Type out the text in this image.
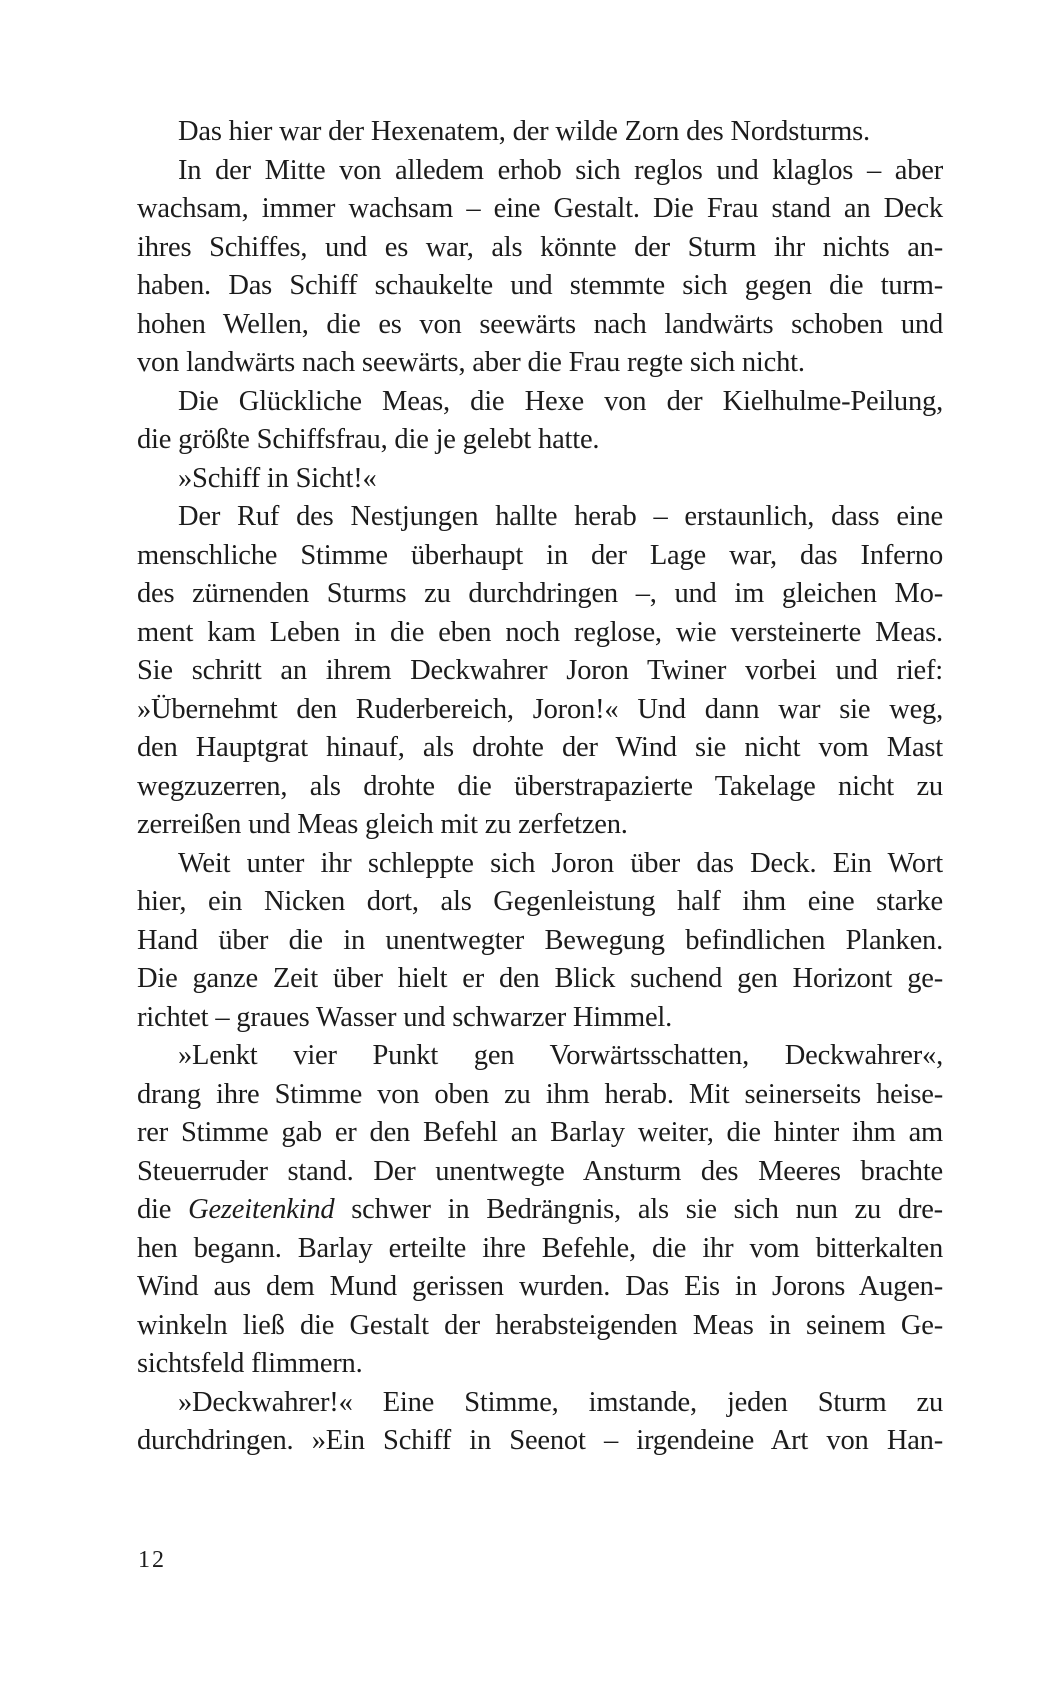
Das hier war der Hexenatem, der wilde Zorn des Nordsturms.
In der Mitte von alledem erhob sich reglos und klaglos – aber
wachsam, immer wachsam – eine Gestalt. Die Frau stand an Deck
ihres Schiffes, und es war, als könnte der Sturm ihr nichts an-
haben. Das Schiff schaukelte und stemmte sich gegen die turm-
hohen Wellen, die es von seewärts nach landwärts schoben und
von landwärts nach seewärts, aber die Frau regte sich nicht.
Die Glückliche Meas, die Hexe von der Kielhulme-Peilung,
die größte Schiffsfrau, die je gelebt hatte.
»Schiff in Sicht!«
Der Ruf des Nestjungen hallte herab – erstaunlich, dass eine
menschliche Stimme überhaupt in der Lage war, das Inferno
des zürnenden Sturms zu durchdringen –, und im gleichen Mo-
ment kam Leben in die eben noch reglose, wie versteinerte Meas.
Sie schritt an ihrem Deckwahrer Joron Twiner vorbei und rief:
»Übernehmt den Ruderbereich, Joron!« Und dann war sie weg,
den Hauptgrat hinauf, als drohte der Wind sie nicht vom Mast
wegzuzerren, als drohte die überstrapazierte Takelage nicht zu
zerreißen und Meas gleich mit zu zerfetzen.
Weit unter ihr schleppte sich Joron über das Deck. Ein Wort
hier, ein Nicken dort, als Gegenleistung half ihm eine starke
Hand über die in unentwegter Bewegung befindlichen Planken.
Die ganze Zeit über hielt er den Blick suchend gen Horizont ge-
richtet – graues Wasser und schwarzer Himmel.
»Lenkt vier Punkt gen Vorwärtsschatten, Deckwahrer«,
drang ihre Stimme von oben zu ihm herab. Mit seinerseits heise-
rer Stimme gab er den Befehl an Barlay weiter, die hinter ihm am
Steuerruder stand. Der unentwegte Ansturm des Meeres brachte
die Gezeitenkind schwer in Bedrängnis, als sie sich nun zu dre-
hen begann. Barlay erteilte ihre Befehle, die ihr vom bitterkalten
Wind aus dem Mund gerissen wurden. Das Eis in Jorons Augen-
winkeln ließ die Gestalt der herabsteigenden Meas in seinem Ge-
sichtsfeld flimmern.
»Deckwahrer!« Eine Stimme, imstande, jeden Sturm zu
durchdringen. »Ein Schiff in Seenot – irgendeine Art von Han-
12
